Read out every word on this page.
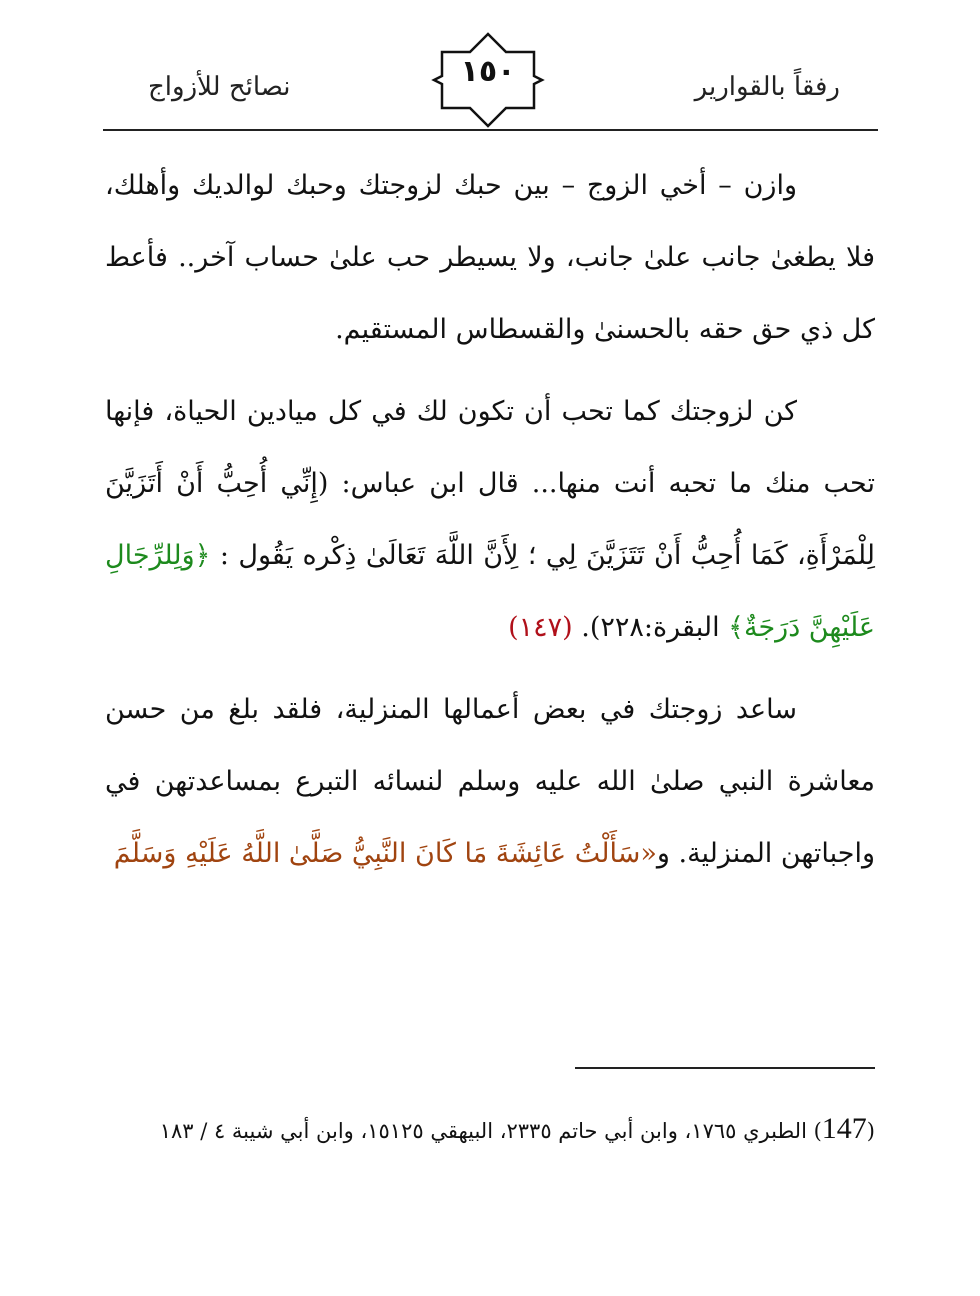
رفقاً بالقوارير
١٥٠
نصائح للأزواج

وازن – أخي الزوج – بين حبك لزوجتك وحبك لوالديك وأهلك، فلا يطغىٰ جانب علىٰ جانب، ولا يسيطر حب علىٰ حساب آخر.. فأعط كل ذي حق حقه بالحسنىٰ والقسطاس المستقيم.

كن لزوجتك كما تحب أن تكون لك في كل ميادين الحياة، فإنها تحب منك ما تحبه أنت منها... قال ابن عباس: (إِنِّي أُحِبُّ أَنْ أَتَزَيَّنَ لِلْمَرْأَةِ، كَمَا أُحِبُّ أَنْ تَتَزَيَّنَ لِي ؛ لِأَنَّ اللَّهَ تَعَالَىٰ ذِكْره يَقُول : ﴿وَلِلرِّجَالِ عَلَيْهِنَّ دَرَجَةٌ﴾ البقرة:٢٢٨). (١٤٧)

ساعد زوجتك في بعض أعمالها المنزلية، فلقد بلغ من حسن معاشرة النبي صلىٰ الله عليه وسلم لنسائه التبرع بمساعدتهن في واجباتهن المنزلية. و«سَأَلْتُ عَائِشَةَ مَا كَانَ النَّبِيُّ صَلَّىٰ اللَّهُ عَلَيْهِ وَسَلَّمَ

(147) الطبري ١٧٦٥، وابن أبي حاتم ٢٣٣٥، البيهقي ١٥١٢٥، وابن أبي شيبة ٤ / ١٨٣
